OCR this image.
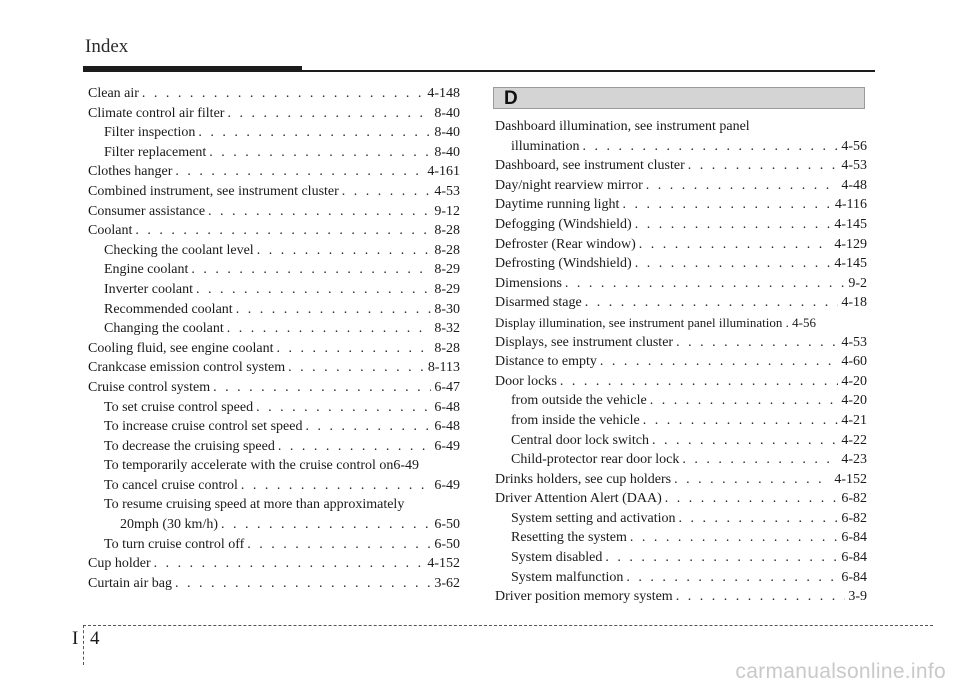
Index
Clean air . . .	4-148
Climate control air filter . . .	8-40
Filter inspection . . .	8-40
Filter replacement . . .	8-40
Clothes hanger . . .	4-161
Combined instrument, see instrument cluster . . .	4-53
Consumer assistance . . .	9-12
Coolant . . .	8-28
Checking the coolant level . . .	8-28
Engine coolant . . .	8-29
Inverter coolant . . .	8-29
Recommended coolant . . .	8-30
Changing the coolant . . .	8-32
Cooling fluid, see engine coolant . . .	8-28
Crankcase emission control system . . .	8-113
Cruise control system . . .	6-47
To set cruise control speed . . .	6-48
To increase cruise control set speed . . .	6-48
To decrease the cruising speed . . .	6-49
To temporarily accelerate with the cruise control on6-49
To cancel cruise control . . .	6-49
To resume cruising speed at more than approximately
20mph (30 km/h) . . .	6-50
To turn cruise control off . . .	6-50
Cup holder . . .	4-152
Curtain air bag . . .	3-62
D
Dashboard illumination, see instrument panel
illumination . . .	4-56
Dashboard, see instrument cluster . . .	4-53
Day/night rearview mirror . . .	4-48
Daytime running light . . .	4-116
Defogging (Windshield) . . .	4-145
Defroster (Rear window) . . .	4-129
Defrosting (Windshield) . . .	4-145
Dimensions . . .	9-2
Disarmed stage . . .	4-18
Display illumination, see instrument panel illumination . 4-56
Displays, see instrument cluster . . .	4-53
Distance to empty . . .	4-60
Door locks . . .	4-20
from outside the vehicle . . .	4-20
from inside the vehicle . . .	4-21
Central door lock switch . . .	4-22
Child-protector rear door lock . . .	4-23
Drinks holders, see cup holders . . .	4-152
Driver Attention Alert (DAA) . . .	6-82
System setting and activation . . .	6-82
Resetting the system . . .	6-84
System disabled . . .	6-84
System malfunction . . .	6-84
Driver position memory system . . .	3-9
I 4
carmanualsonline.info
